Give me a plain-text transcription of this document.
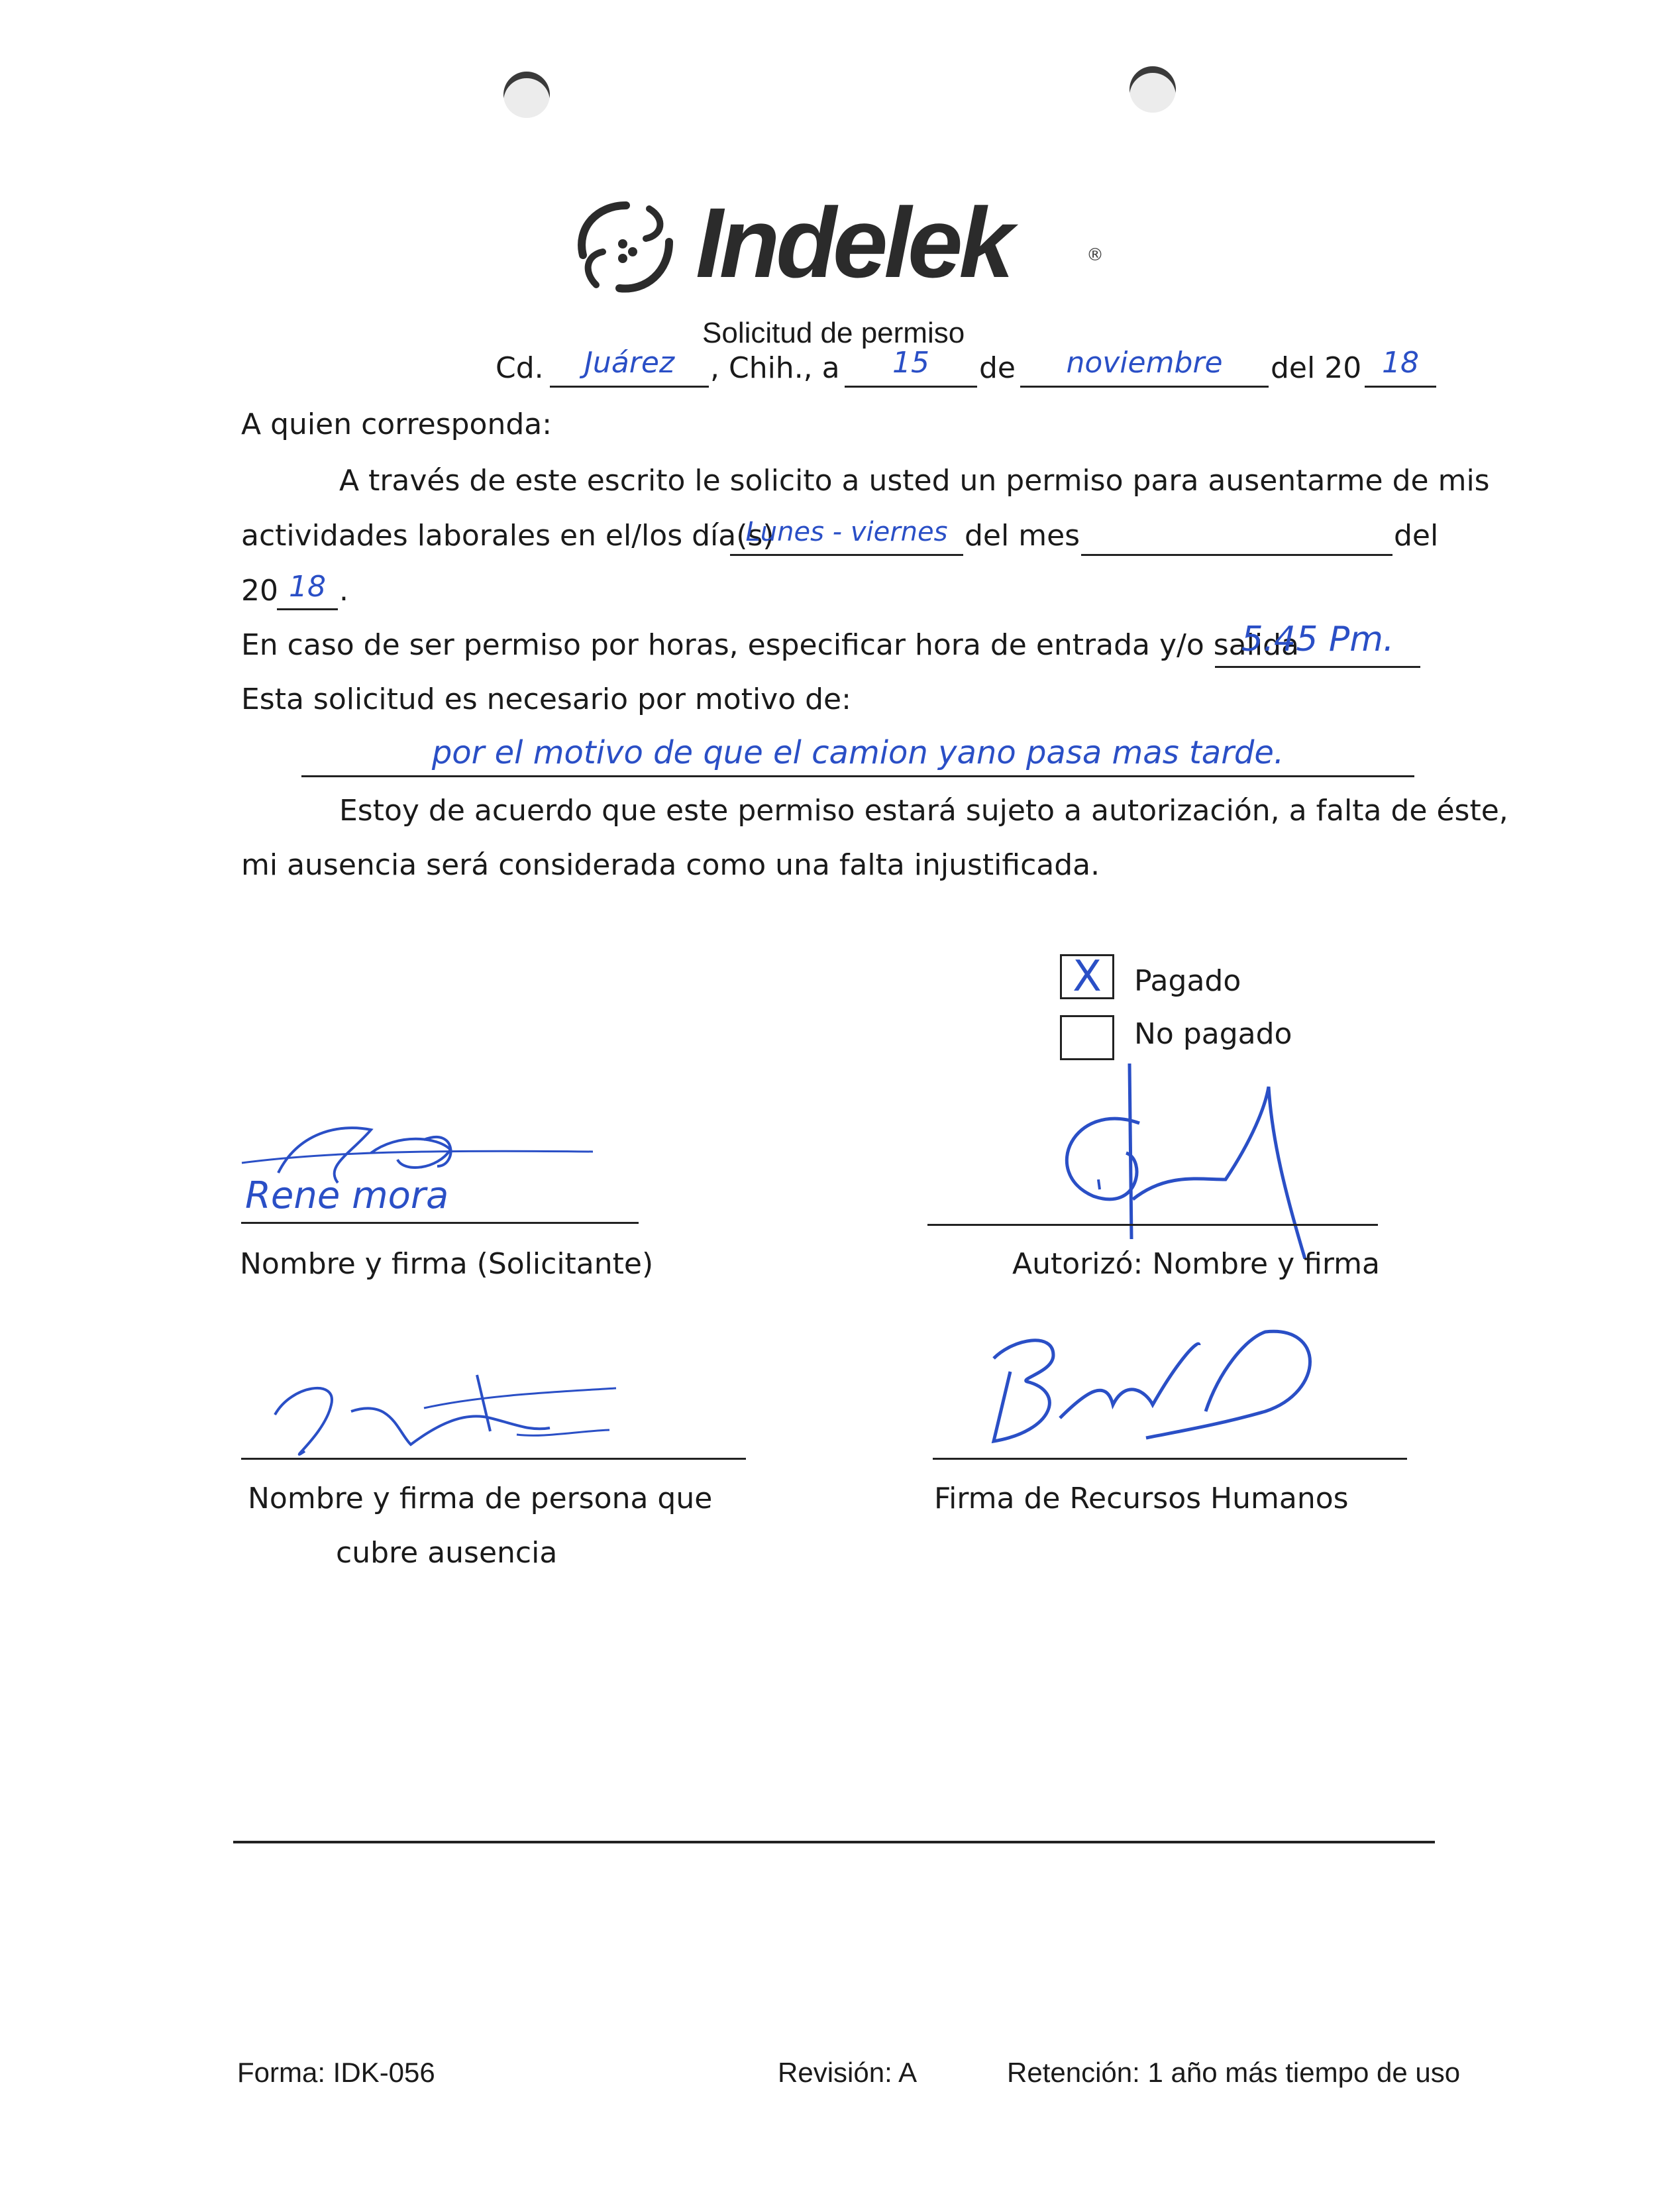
Indelek	®
Solicitud de permiso
Cd.	Juárez	, Chih., a	15	de	noviembre	del 20 18
A quien corresponda:
A través de este escrito le solicito a usted un permiso para ausentarme de mis
actividades laborales en el/los día(s)
Lunes - viernes del mes	del
20 18 .
En caso de ser permiso por horas, especificar hora de entrada y/o salida
5.45 Pm.
Esta solicitud es necesario por motivo de:
por el motivo de que el camion yano pasa mas tarde.
Estoy de acuerdo que este permiso estará sujeto a autorización, a falta de éste,
mi ausencia será considerada como una falta injustificada.
X	Pagado
No pagado
Rene mora
Nombre y firma (Solicitante)	Autorizó: Nombre y firma
Nombre y firma de persona que
cubre ausencia
Firma de Recursos Humanos
Forma: IDK-056	Revisión: A	Retención: 1 año más tiempo de uso
